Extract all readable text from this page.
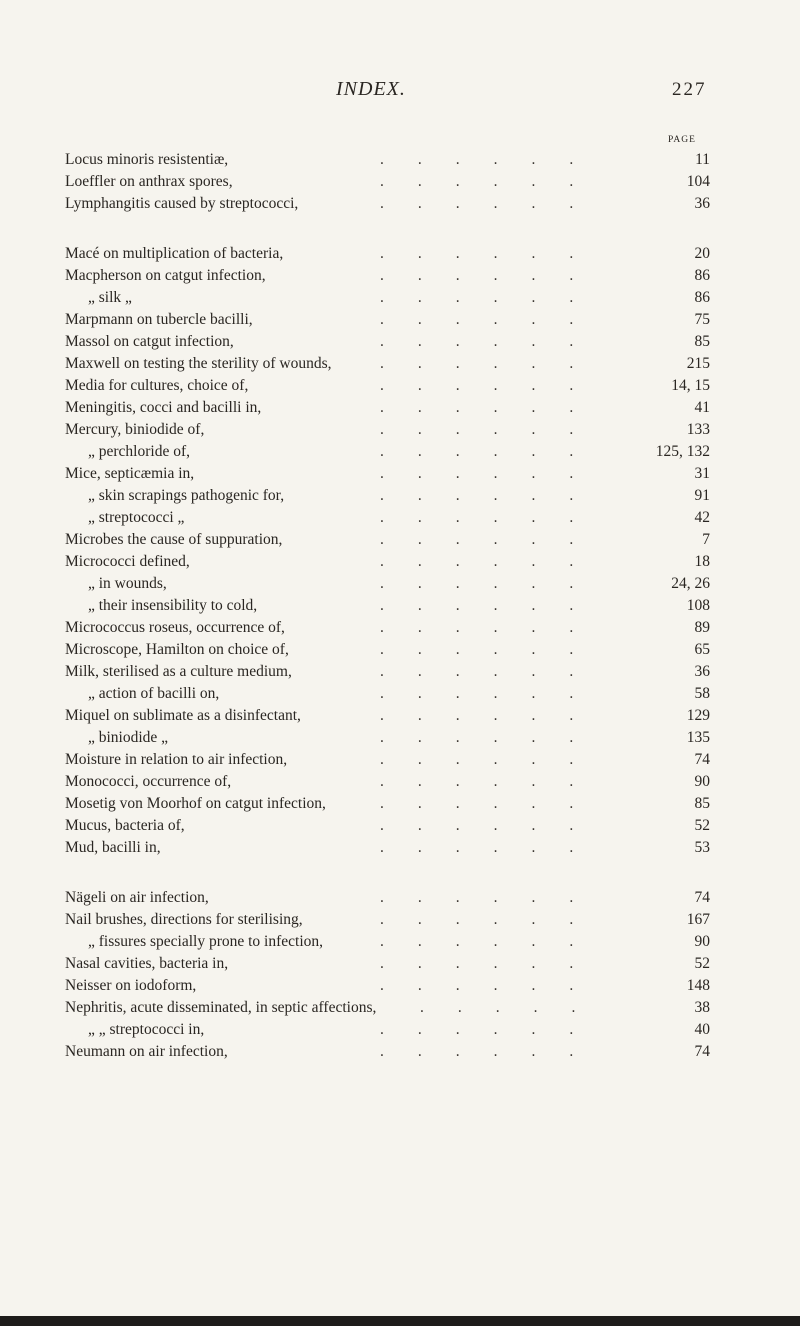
INDEX.	227
PAGE
Locus minoris resistentiæ,	......	11
Loeffler on anthrax spores,	......	104
Lymphangitis caused by streptococci,	......	36
Macé on multiplication of bacteria,	......	20
Macpherson on catgut infection,	......	86
„ silk „	......	86
Marpmann on tubercle bacilli,	......	75
Massol on catgut infection,	......	85
Maxwell on testing the sterility of wounds,	......	215
Media for cultures, choice of,	......	14, 15
Meningitis, cocci and bacilli in,	......	41
Mercury, biniodide of,	......	133
„ perchloride of,	......	125, 132
Mice, septicæmia in,	......	31
„ skin scrapings pathogenic for,	......	91
„ streptococci „	......	42
Microbes the cause of suppuration,	......	7
Micrococci defined,	......	18
„ in wounds,	......	24, 26
„ their insensibility to cold,	......	108
Micrococcus roseus, occurrence of,	......	89
Microscope, Hamilton on choice of,	......	65
Milk, sterilised as a culture medium,	......	36
„ action of bacilli on,	......	58
Miquel on sublimate as a disinfectant,	......	129
„ biniodide „	......	135
Moisture in relation to air infection,	......	74
Monococci, occurrence of,	......	90
Mosetig von Moorhof on catgut infection,	......	85
Mucus, bacteria of,	......	52
Mud, bacilli in,	......	53
Nägeli on air infection,	......	74
Nail brushes, directions for sterilising,	......	167
„ fissures specially prone to infection,	......	90
Nasal cavities, bacteria in,	......	52
Neisser on iodoform,	......	148
Nephritis, acute disseminated, in septic affections,	.....	38
„ „ streptococci in,	......	40
Neumann on air infection,	......	74
